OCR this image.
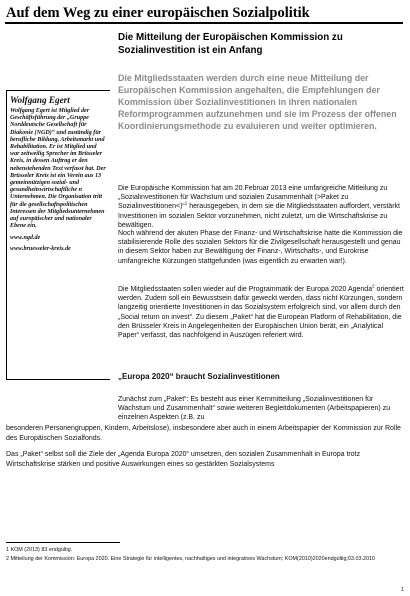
Auf dem Weg zu einer europäischen Sozialpolitik
Wolfgang Egert
Wolfgang Egert ist Mitglied der Geschäftsführung der „Gruppe Norddeutsche Gesellschaft für Diakonie (NGD)“ und zuständig für berufliche Bildung, Arbeitsmarkt und Rehabilitation. Er ist Mitglied und war zeitweilig Sprecher im Brüsseler Kreis, in dessen Auftrag er den nebenstehenden Text verfasst hat. Der Brüsseler Kreis ist ein Verein aus 13 gemeinnützigen sozial- und gesundheitswirtschaftliche n Unternehmen. Die Organisation tritt für die gesellschaftspolitischen Interessen der Mitgliedsunternehmen auf europäischer und nationaler Ebene ein.
www.ngd.de
www.bruesseler-kreis.de
Die Mitteilung der Europäischen Kommission zu Sozialinvestition ist ein Anfang
Die Mitgliedsstaaten werden durch eine neue Mitteilung der Europäischen Kommission angehalten, die Empfehlungen der Kommission über Sozialinvestitionen in ihren nationalen Reformprogrammen aufzunehmen und sie im Prozess der offenen Koordinierungsmethode zu evaluieren und weiter optimieren.
Die Europäische Kommission hat am 20.Februar 2013 eine umfangreiche Mitteilung zu „Sozialinvestitionen für Wachstum und sozialen Zusammenhalt (>Paket zu Sozialinvestitionen<)“$^1$ herausgegeben, in dem sie die Mitgliedsstaaten auffordert, verstärkt Investitionen im sozialen Sektor vorzunehmen, nicht zuletzt, um die Wirtschaftskrise zu bewältigen.
Noch während der akuten Phase der Finanz- und Wirtschaftskrise hatte die Kommission die stabilisierende Rolle des sozialen Sektors für die Zivilgesellschaft herausgestellt und genau in diesem Sektor haben zur Bewältigung der Finanz-, Wirtschafts-, und Eurokrise umfangreiche Kürzungen stattgefunden (was eigentlich zu erwarten war!).
Die Mitgliedsstaaten sollen wieder auf die Programmatik der Europa 2020 Agenda$^2$ orientiert werden. Zudem soll ein Bewusstsein dafür geweckt werden, dass nicht Kürzungen, sondern langzeitig orientierte Investitionen in das Sozialsystem erfolgreich sind, vor allem durch den „Social return on invest“. Zu diesem „Paket“ hat die European Platform of Rehabilitation, die den Brüsseler Kreis in Angelegenheiten der Europäischen Union berät, ein „Analytical Paper“ verfasst, das nachfolgend in Auszügen referiert wird.
„Europa 2020“ braucht Sozialinvestitionen
Zunächst zum „Paket“: Es besteht aus einer Kernmitteilung „Sozialinvestitionen für Wachstum und Zusammenhalt“ sowie weiteren Begleitdokumenten (Arbeitspapieren) zu einzelnen Aspekten (z.B. zu
besonderen Personengruppen, Kindern, Arbeitslose), insbesondere aber auch in einem Arbeitspapier der Kommission zur Rolle des Europäischen Sozialfonds.
Das „Paket“ selbst soll die Ziele der „Agenda Europa 2020“ umsetzen, den sozialen Zusammenhalt in Europa trotz Wirtschaftskrise stärken und positive Auswirkungen eines so gestärkten Sozialsystems
1 KOM (2013) 83 endgültig.
2 Mitteilung der Kommission: Europa 2020. Eine Strategie für intelligentes, nachhaltiges und integratives Wachstum; KOM(2010)2020endgültig;03.03.2010
1
